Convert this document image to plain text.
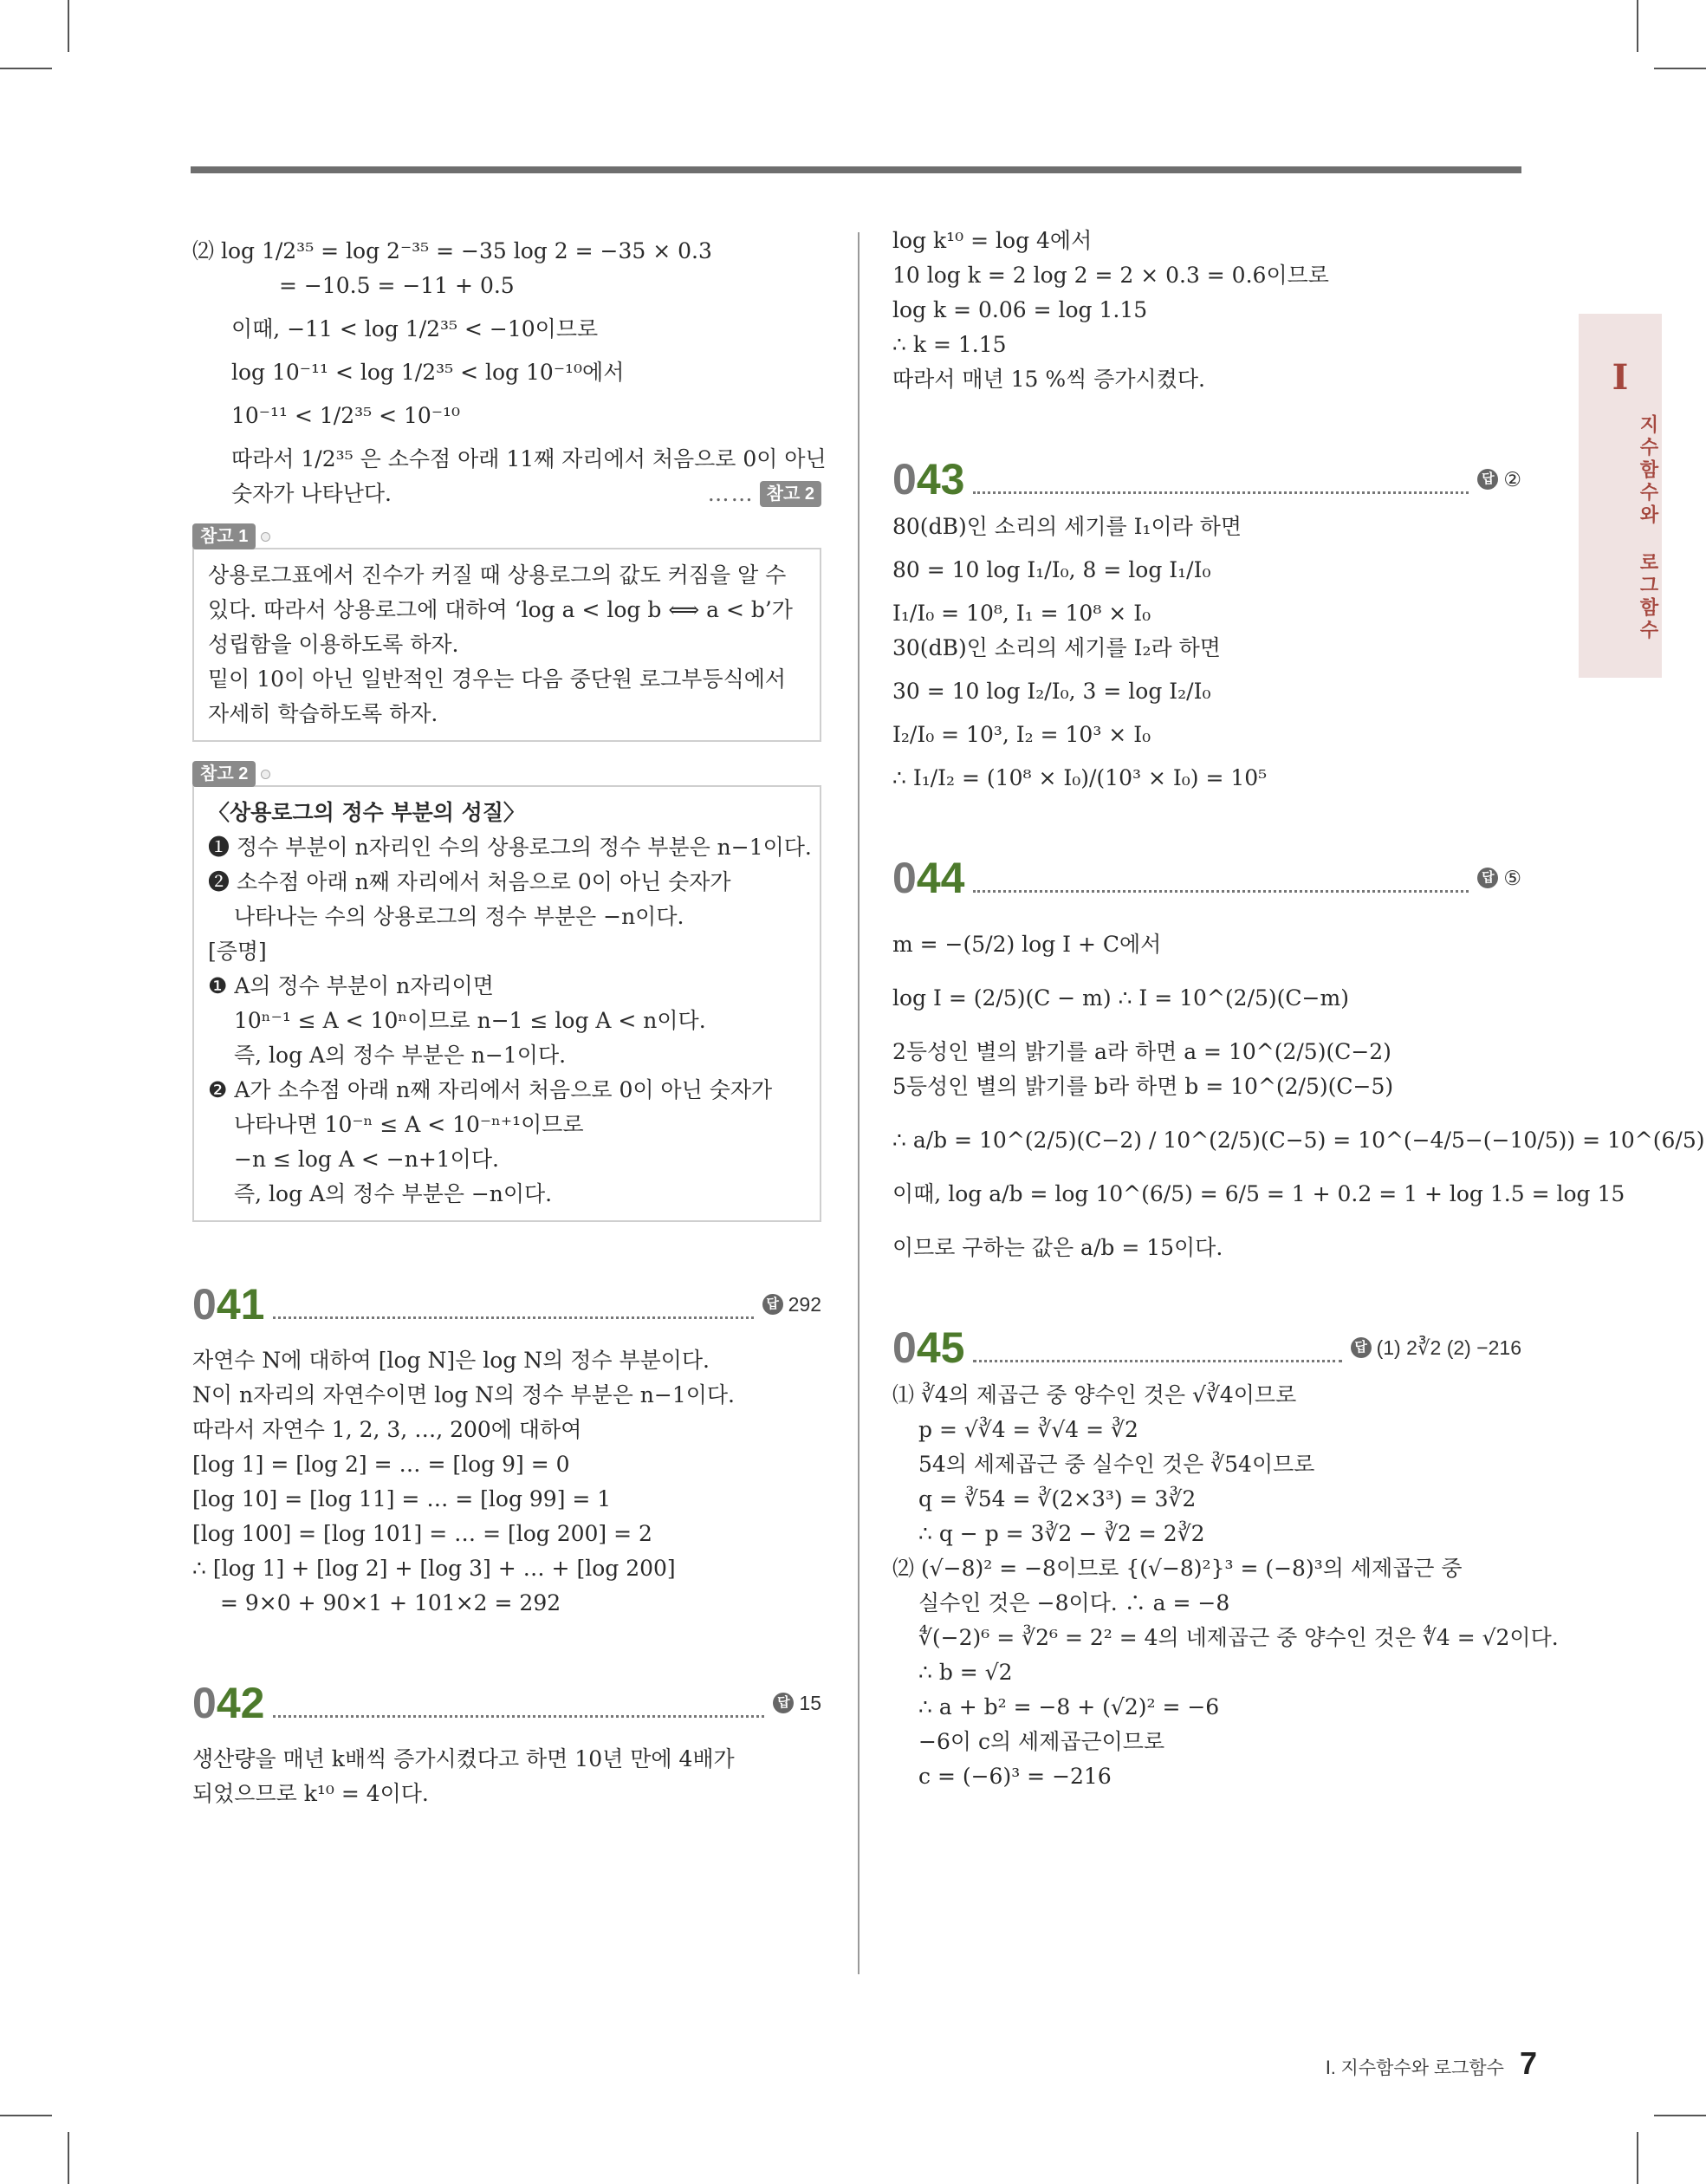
I
지수함수와 로그함수

⑵ log 1/2³⁵ = log 2⁻³⁵ = −35 log 2 = −35 × 0.3

= −10.5 = −11 + 0.5

이때, −11 < log 1/2³⁵ < −10이므로

log 10⁻¹¹ < log 1/2³⁵ < log 10⁻¹⁰에서

10⁻¹¹ < 1/2³⁵ < 10⁻¹⁰

따라서 1/2³⁵ 은 소수점 아래 11째 자리에서 처음으로 0이 아닌

숫자가 나타난다.	…… 참고 2

참고 1

상용로그표에서 진수가 커질 때 상용로그의 값도 커짐을 알 수

있다. 따라서 상용로그에 대하여 ‘log a < log b ⟺ a < b’가

성립함을 이용하도록 하자.

밑이 10이 아닌 일반적인 경우는 다음 중단원 로그부등식에서

자세히 학습하도록 하자.

참고 2

〈상용로그의 정수 부분의 성질〉

❶ 정수 부분이 n자리인 수의 상용로그의 정수 부분은 n−1이다.

❷ 소수점 아래 n째 자리에서 처음으로 0이 아닌 숫자가

나타나는 수의 상용로그의 정수 부분은 −n이다.

[증명]

❶ A의 정수 부분이 n자리이면

10ⁿ⁻¹ ≤ A < 10ⁿ이므로 n−1 ≤ log A < n이다.

즉, log A의 정수 부분은 n−1이다.

❷ A가 소수점 아래 n째 자리에서 처음으로 0이 아닌 숫자가

나타나면 10⁻ⁿ ≤ A < 10⁻ⁿ⁺¹이므로

−n ≤ log A < −n+1이다.

즉, log A의 정수 부분은 −n이다.

041	답 292

자연수 N에 대하여 [log N]은 log N의 정수 부분이다.

N이 n자리의 자연수이면 log N의 정수 부분은 n−1이다.

따라서 자연수 1, 2, 3, …, 200에 대하여

[log 1] = [log 2] = … = [log 9] = 0

[log 10] = [log 11] = … = [log 99] = 1

[log 100] = [log 101] = … = [log 200] = 2

∴ [log 1] + [log 2] + [log 3] + … + [log 200]

= 9×0 + 90×1 + 101×2 = 292

042	답 15

생산량을 매년 k배씩 증가시켰다고 하면 10년 만에 4배가

되었으므로 k¹⁰ = 4이다.

log k¹⁰ = log 4에서

10 log k = 2 log 2 = 2 × 0.3 = 0.6이므로

log k = 0.06 = log 1.15

∴ k = 1.15

따라서 매년 15 %씩 증가시켰다.

043	답 ②

80(dB)인 소리의 세기를 I₁이라 하면

80 = 10 log I₁/I₀, 8 = log I₁/I₀

I₁/I₀ = 10⁸, I₁ = 10⁸ × I₀

30(dB)인 소리의 세기를 I₂라 하면

30 = 10 log I₂/I₀, 3 = log I₂/I₀

I₂/I₀ = 10³, I₂ = 10³ × I₀

∴ I₁/I₂ = (10⁸ × I₀)/(10³ × I₀) = 10⁵

044	답 ⑤

m = −(5/2) log I + C에서

log I = (2/5)(C − m) ∴ I = 10^(2/5)(C−m)

2등성인 별의 밝기를 a라 하면 a = 10^(2/5)(C−2)

5등성인 별의 밝기를 b라 하면 b = 10^(2/5)(C−5)

∴ a/b = 10^(2/5)(C−2) / 10^(2/5)(C−5) = 10^(−4/5−(−10/5)) = 10^(6/5)

이때, log a/b = log 10^(6/5) = 6/5 = 1 + 0.2 = 1 + log 1.5 = log 15

이므로 구하는 값은 a/b = 15이다.

045	답 (1) 2∛2 (2) −216

⑴ ∛4의 제곱근 중 양수인 것은 √∛4이므로

p = √∛4 = ∛√4 = ∛2

54의 세제곱근 중 실수인 것은 ∛54이므로

q = ∛54 = ∛(2×3³) = 3∛2

∴ q − p = 3∛2 − ∛2 = 2∛2

⑵ (√−8)² = −8이므로 {(√−8)²}³ = (−8)³의 세제곱근 중

실수인 것은 −8이다. ∴ a = −8

∜(−2)⁶ = ∛2⁶ = 2² = 4의 네제곱근 중 양수인 것은 ∜4 = √2이다.

∴ b = √2

∴ a + b² = −8 + (√2)² = −6

−6이 c의 세제곱근이므로

c = (−6)³ = −216

Ⅰ. 지수함수와 로그함수 7
